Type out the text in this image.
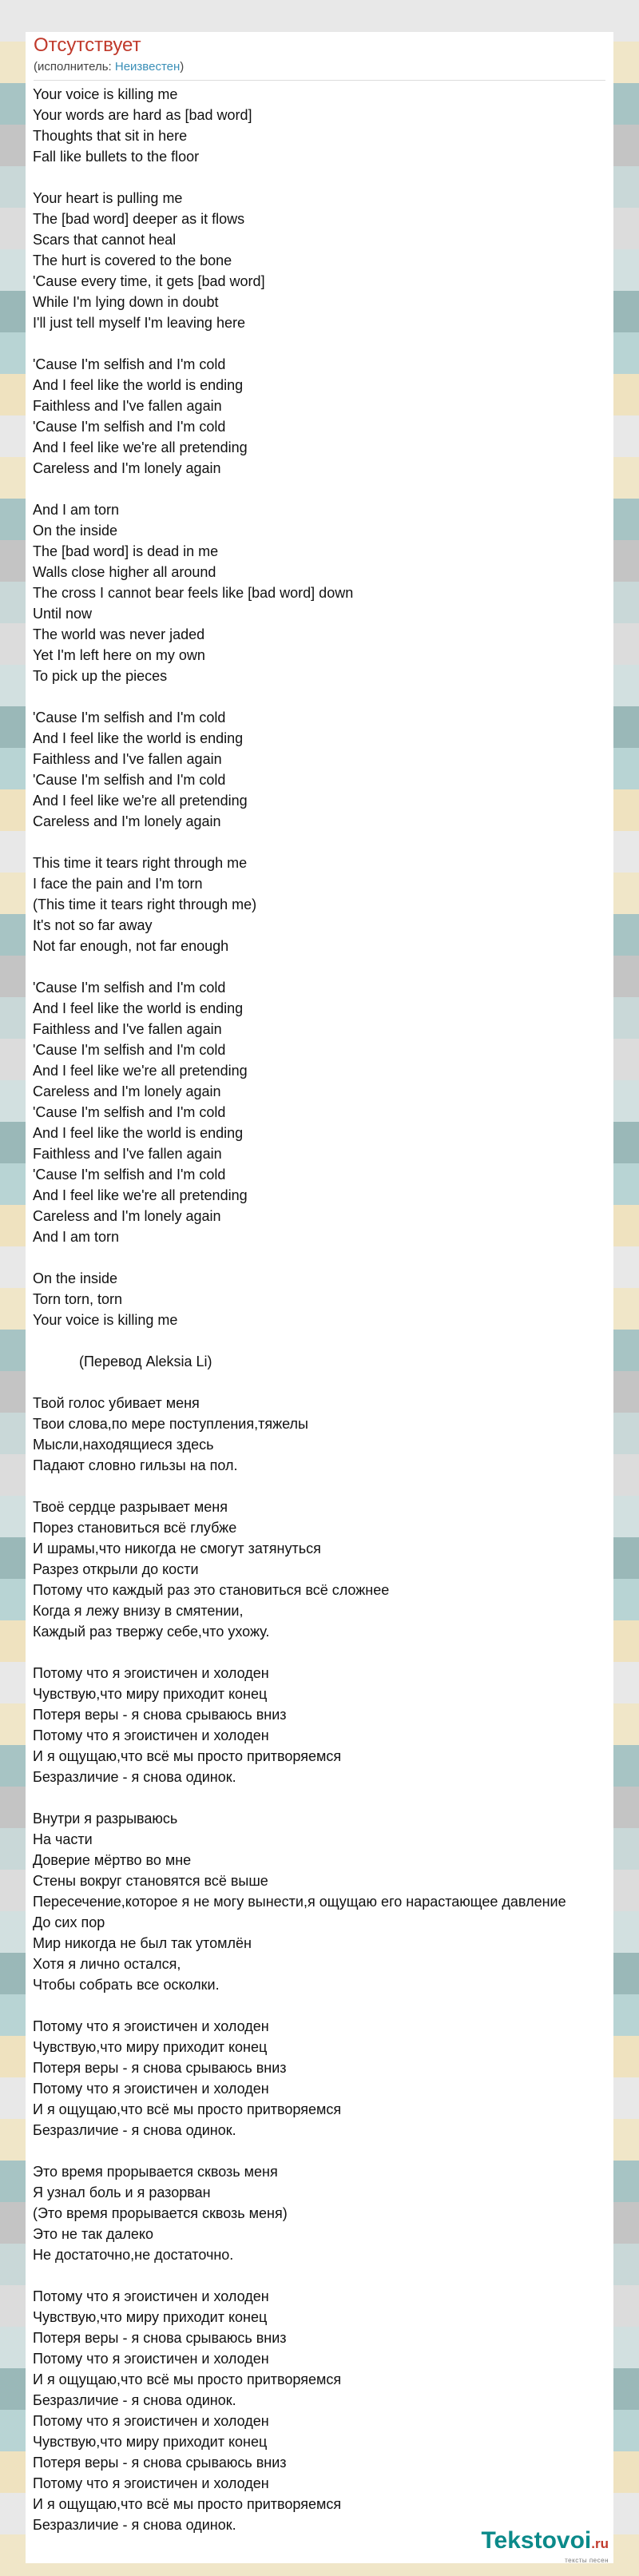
Отсутствует
(исполнитель: Неизвестен)
Your voice is killing me
Your words are hard as [bad word]
Thoughts that sit in here
Fall like bullets to the floor

Your heart is pulling me
The [bad word] deeper as it flows
Scars that cannot heal
The hurt is covered to the bone
'Cause every time, it gets [bad word]
While I'm lying down in doubt
I'll just tell myself I'm leaving here

'Cause I'm selfish and I'm cold
And I feel like the world is ending
Faithless and I've fallen again
'Cause I'm selfish and I'm cold
And I feel like we're all pretending
Careless and I'm lonely again

And I am torn
On the inside
The [bad word] is dead in me
Walls close higher all around
The cross I cannot bear feels like [bad word] down
Until now
The world was never jaded
Yet I'm left here on my own
To pick up the pieces

'Cause I'm selfish and I'm cold
And I feel like the world is ending
Faithless and I've fallen again
'Cause I'm selfish and I'm cold
And I feel like we're all pretending
Careless and I'm lonely again

This time it tears right through me
I face the pain and I'm torn
(This time it tears right through me)
It's not so far away
Not far enough, not far enough

'Cause I'm selfish and I'm cold
And I feel like the world is ending
Faithless and I've fallen again
'Cause I'm selfish and I'm cold
And I feel like we're all pretending
Careless and I'm lonely again
'Cause I'm selfish and I'm cold
And I feel like the world is ending
Faithless and I've fallen again
'Cause I'm selfish and I'm cold
And I feel like we're all pretending
Careless and I'm lonely again
And I am torn

On the inside
Torn torn, torn
Your voice is killing me

(Перевод Aleksia Li)

Твой голос убивает меня
Твои слова,по мере поступления,тяжелы
Мысли,находящиеся здесь
Падают словно гильзы на пол.

Твоё сердце разрывает меня
Порез становиться всё глубже
И шрамы,что никогда не смогут затянуться
Разрез открыли до кости
Потому что каждый раз это становиться всё сложнее
Когда я лежу внизу в смятении,
Каждый раз твержу себе,что ухожу.

Потому что я эгоистичен и холоден
Чувствую,что миру приходит конец
Потеря веры - я снова срываюсь вниз
Потому что я эгоистичен и холоден
И я ощущаю,что всё мы просто притворяемся
Безразличие - я снова одинок.

Внутри я разрываюсь
На части
Доверие мёртво во мне
Стены вокруг становятся всё выше
Пересечение,которое я не могу вынести,я ощущаю его нарастающее давление
До сих пор
Мир никогда не был так утомлён
Хотя я лично остался,
Чтобы собрать все осколки.

Потому что я эгоистичен и холоден
Чувствую,что миру приходит конец
Потеря веры - я снова срываюсь вниз
Потому что я эгоистичен и холоден
И я ощущаю,что всё мы просто притворяемся
Безразличие - я снова одинок.

Это время прорывается сквозь меня
Я узнал боль и я разорван
(Это время прорывается сквозь меня)
Это не так далеко
Не достаточно,не достаточно.

Потому что я эгоистичен и холоден
Чувствую,что миру приходит конец
Потеря веры - я снова срываюсь вниз
Потому что я эгоистичен и холоден
И я ощущаю,что всё мы просто притворяемся
Безразличие - я снова одинок.
Потому что я эгоистичен и холоден
Чувствую,что миру приходит конец
Потеря веры - я снова срываюсь вниз
Потому что я эгоистичен и холоден
И я ощущаю,что всё мы просто притворяемся
Безразличие - я снова одинок.
Tekstovoi.ru
тексты песен
